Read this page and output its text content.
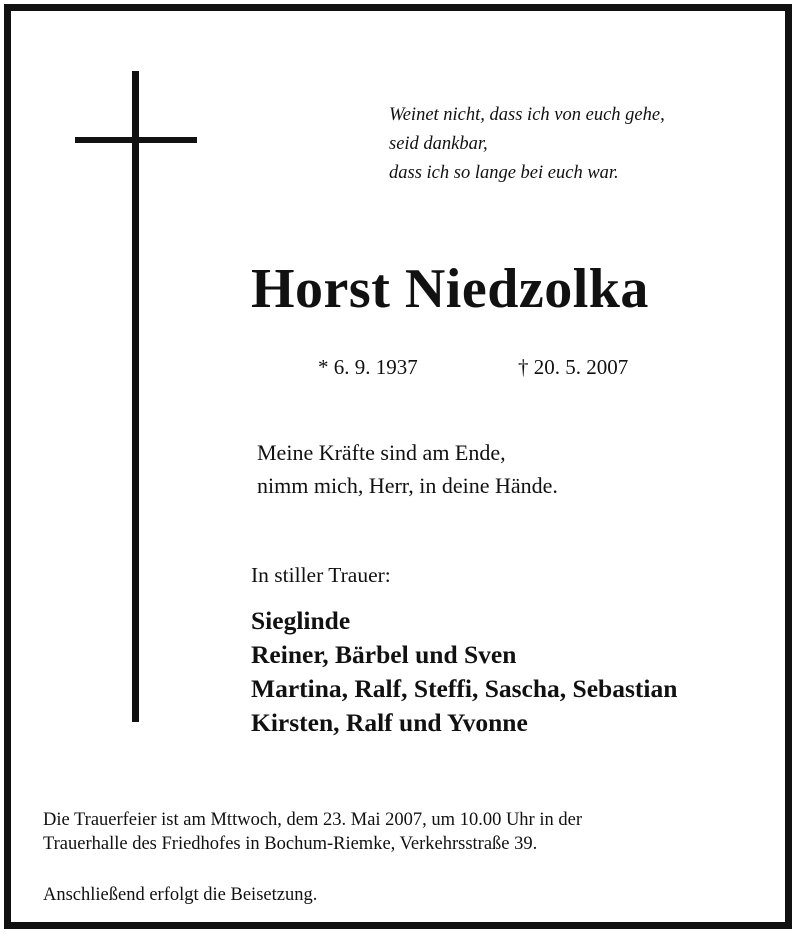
Weinet nicht, dass ich von euch gehe,
seid dankbar,
dass ich so lange bei euch war.
Horst Niedzolka
* 6. 9. 1937	† 20. 5. 2007
Meine Kräfte sind am Ende,
nimm mich, Herr, in deine Hände.
In stiller Trauer:
Sieglinde
Reiner, Bärbel und Sven
Martina, Ralf, Steffi, Sascha, Sebastian
Kirsten, Ralf und Yvonne
Die Trauerfeier ist am Mttwoch, dem 23. Mai 2007, um 10.00 Uhr in der
Trauerhalle des Friedhofes in Bochum-Riemke, Verkehrsstraße 39.
Anschließend erfolgt die Beisetzung.
